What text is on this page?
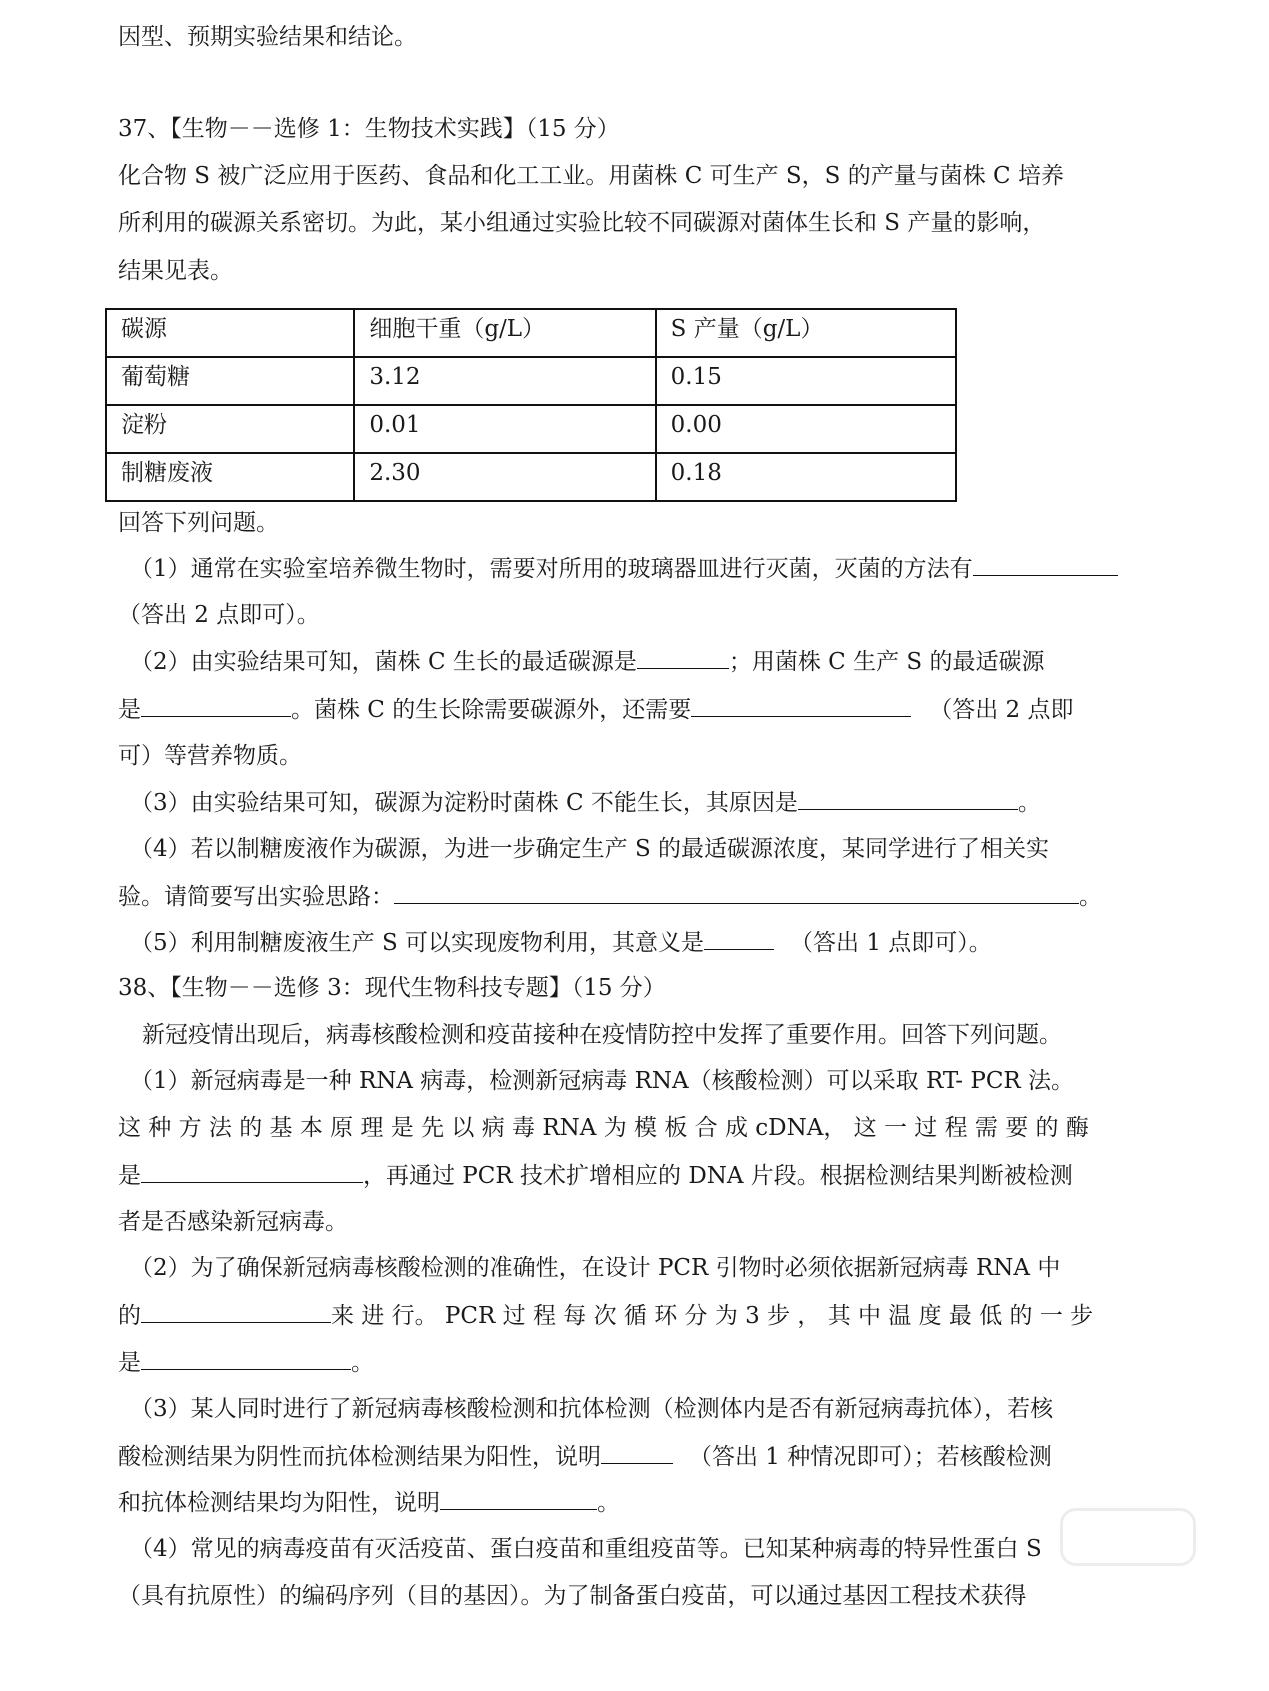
因型、预期实验结果和结论。
37、【生物－－选修 1：生物技术实践】（15 分）
化合物 S 被广泛应用于医药、食品和化工工业。用菌株 C 可生产 S，S 的产量与菌株 C 培养
所利用的碳源关系密切。为此，某小组通过实验比较不同碳源对菌体生长和 S 产量的影响，
结果见表。
碳源	细胞干重（g/L）	S 产量（g/L）
葡萄糖	3.12	0.15
淀粉	0.01	0.00
制糖废液	2.30	0.18
回答下列问题。
（1）通常在实验室培养微生物时，需要对所用的玻璃器皿进行灭菌，灭菌的方法有
（答出 2 点即可）。
（2）由实验结果可知，菌株 C 生长的最适碳源是	；用菌株 C 生产 S 的最适碳源
是	。菌株 C 的生长除需要碳源外，还需要	（答出 2 点即
可）等营养物质。
（3）由实验结果可知，碳源为淀粉时菌株 C 不能生长，其原因是	。
（4）若以制糖废液作为碳源，为进一步确定生产 S 的最适碳源浓度，某同学进行了相关实
验。请简要写出实验思路：	。
（5）利用制糖废液生产 S 可以实现废物利用，其意义是	（答出 1 点即可）。
38、【生物－－选修 3：现代生物科技专题】（15 分）
新冠疫情出现后，病毒核酸检测和疫苗接种在疫情防控中发挥了重要作用。回答下列问题。
（1）新冠病毒是一种 RNA 病毒，检测新冠病毒 RNA（核酸检测）可以采取 RT- PCR 法。
这 种 方 法 的 基 本 原 理 是 先 以 病 毒 RNA 为 模 板 合 成 cDNA， 这 一 过 程 需 要 的 酶
是	，再通过 PCR 技术扩增相应的 DNA 片段。根据检测结果判断被检测
者是否感染新冠病毒。
（2）为了确保新冠病毒核酸检测的准确性，在设计 PCR 引物时必须依据新冠病毒 RNA 中
的	来 进 行。 PCR 过 程 每 次 循 环 分 为 3 步 ， 其 中 温 度 最 低 的 一 步
是	。
（3）某人同时进行了新冠病毒核酸检测和抗体检测（检测体内是否有新冠病毒抗体），若核
酸检测结果为阴性而抗体检测结果为阳性，说明	（答出 1 种情况即可）；若核酸检测
和抗体检测结果均为阳性，说明	。
（4）常见的病毒疫苗有灭活疫苗、蛋白疫苗和重组疫苗等。已知某种病毒的特异性蛋白 S
（具有抗原性）的编码序列（目的基因）。为了制备蛋白疫苗，可以通过基因工程技术获得
